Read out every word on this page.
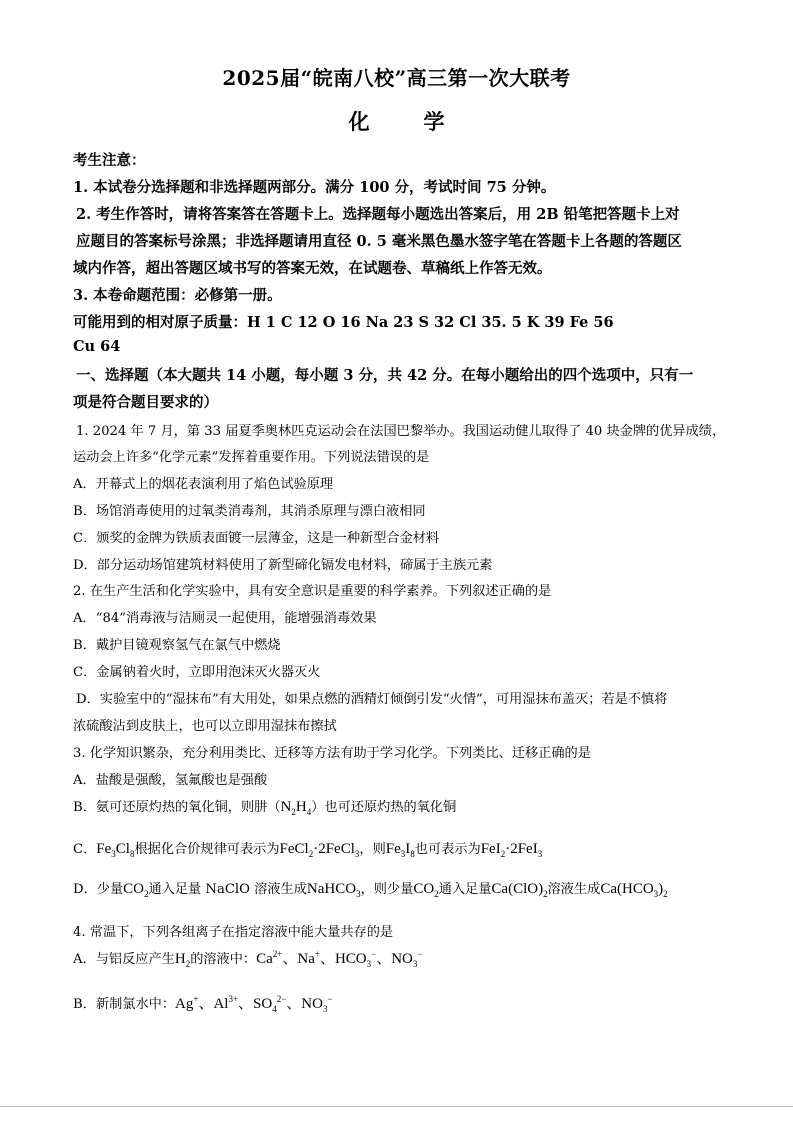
2025届“皖南八校”高三第一次大联考
化	学
考生注意：
1. 本试卷分选择题和非选择题两部分。满分 100 分，考试时间 75 分钟。
2. 考生作答时，请将答案答在答题卡上。选择题每小题选出答案后，用 2B 铅笔把答题卡上对
应题目的答案标号涂黑；非选择题请用直径 0. 5 毫米黑色墨水签字笔在答题卡上各题的答题区
域内作答，超出答题区域书写的答案无效，在试题卷、草稿纸上作答无效。
3. 本卷命题范围：必修第一册。
可能用到的相对原子质量：H 1 C 12 O 16 Na 23 S 32 Cl 35. 5 K 39 Fe 56
Cu 64
一、选择题（本大题共 14 小题，每小题 3 分，共 42 分。在每小题给出的四个选项中，只有一
项是符合题目要求的）
1. 2024 年 7 月，第 33 届夏季奥林匹克运动会在法国巴黎举办。我国运动健儿取得了 40 块金牌的优异成绩，
运动会上许多“化学元素”发挥着重要作用。下列说法错误的是
A．开幕式上的烟花表演利用了焰色试验原理
B．场馆消毒使用的过氧类消毒剂，其消杀原理与漂白液相同
C．颁奖的金牌为铁质表面镀一层薄金，这是一种新型合金材料
D．部分运动场馆建筑材料使用了新型碲化镉发电材料，碲属于主族元素
2. 在生产生活和化学实验中，具有安全意识是重要的科学素养。下列叙述正确的是
A．“84”消毒液与洁厕灵一起使用，能增强消毒效果
B．戴护目镜观察氢气在氯气中燃烧
C．金属钠着火时，立即用泡沫灭火器灭火
D．实验室中的“湿抹布”有大用处，如果点燃的酒精灯倾倒引发“火情”，可用湿抹布盖灭；若是不慎将
浓硫酸沾到皮肤上，也可以立即用湿抹布擦拭
3. 化学知识繁杂，充分利用类比、迁移等方法有助于学习化学。下列类比、迁移正确的是
A．盐酸是强酸，氢氟酸也是强酸
B．氨可还原灼热的氧化铜，则肼$(N_2H_4)$也可还原灼热的氧化铜
C．$Fe_3Cl_8$根据化合价规律可表示为FeCl$_2$·2FeCl$_3$，则$Fe_3I_8$也可表示为FeI$_2$·2FeI$_3$
D．少量$CO_2$通入足量 NaClO 溶液生成NaHCO$_3$，则少量$CO_2$通入足量$Ca(ClO)_2$溶液生成$Ca(HCO_3)_2$
4. 常温下，下列各组离子在指定溶液中能大量共存的是
A．与铝反应产生$H_2$的溶液中：$Ca^{2+}$、Na+、$HCO_3^-$、$NO_3^-$
B．新制氯水中：Ag+、$Al^{3+}$、$SO_4^{2-}$、$NO_3^-$
